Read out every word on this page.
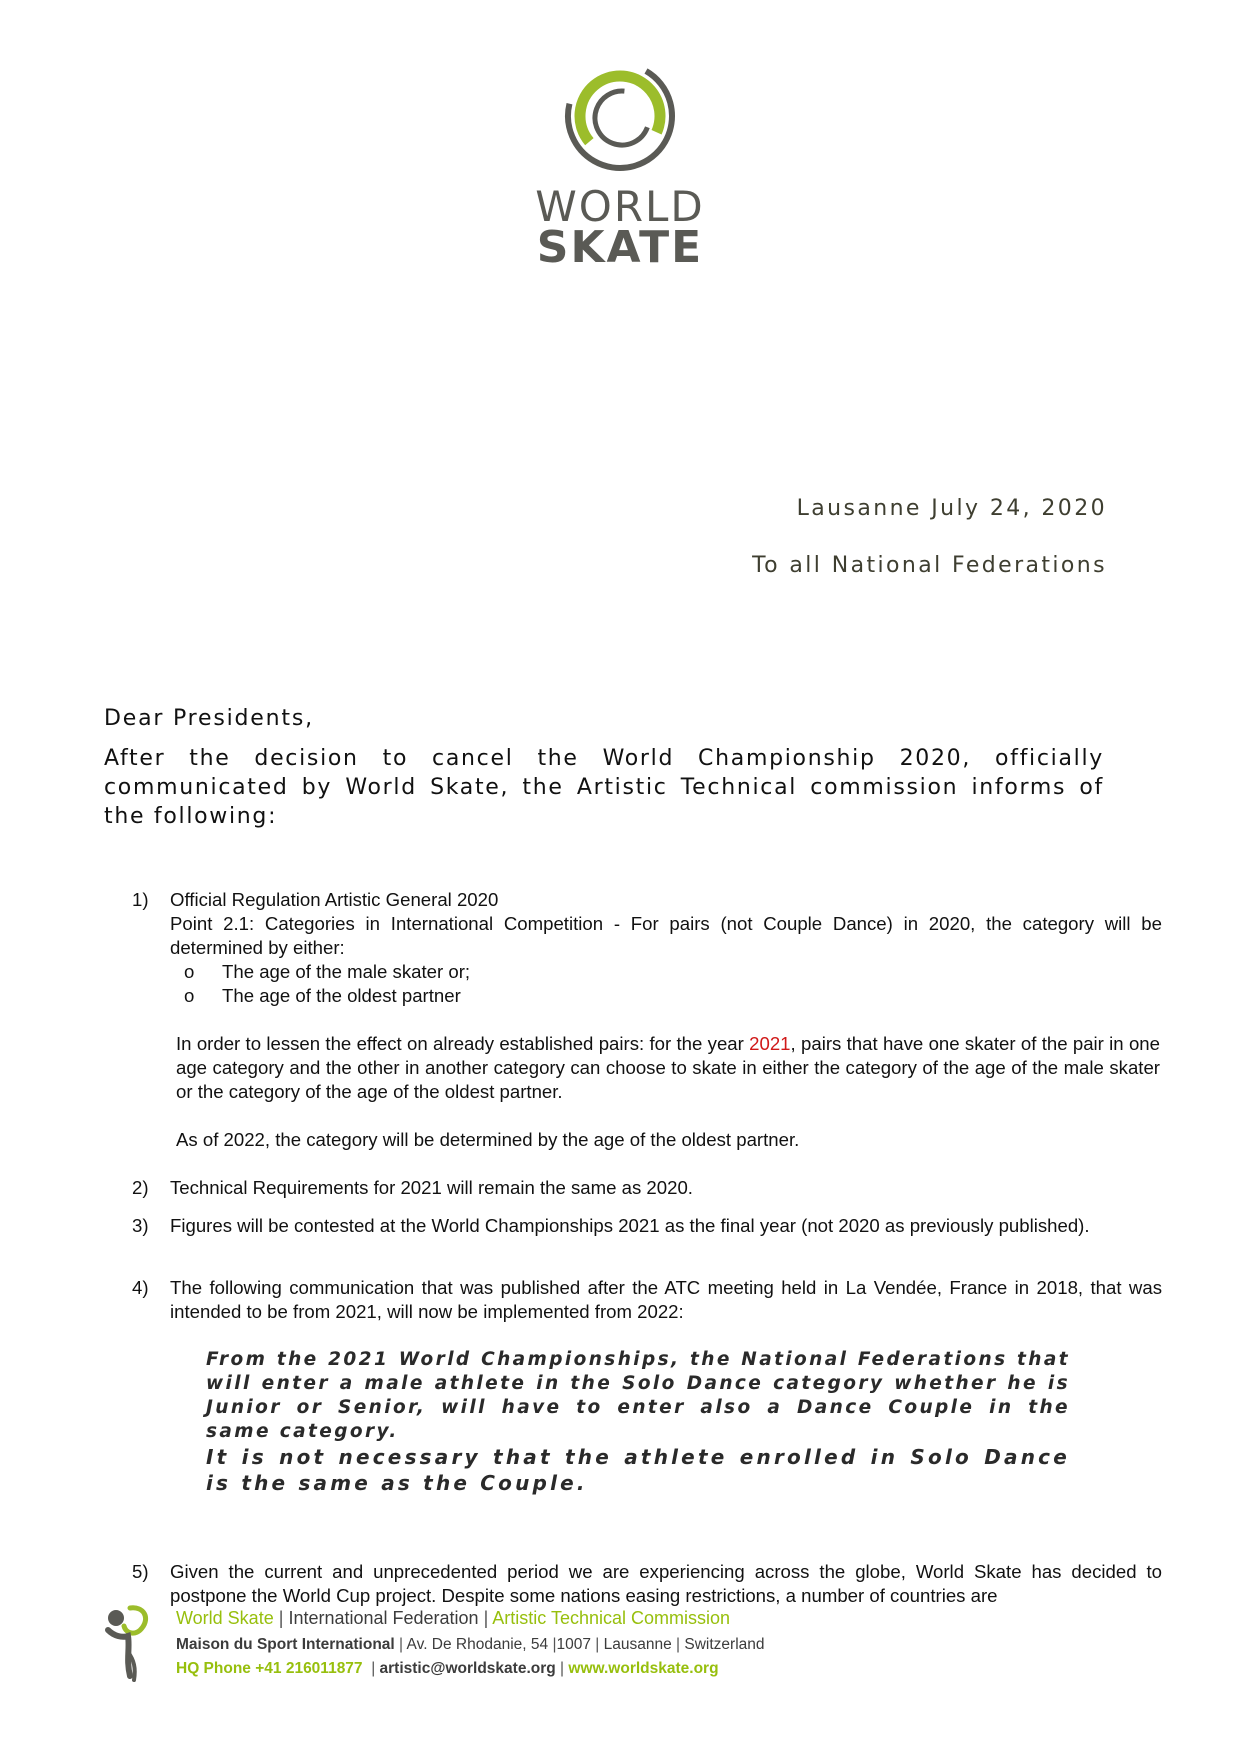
WORLD
SKATE
Lausanne July 24, 2020
To all National Federations
Dear Presidents,
After the decision to cancel the World Championship 2020, officially communicated by World Skate, the Artistic Technical commission informs of the following:
1) Official Regulation Artistic General 2020
Point 2.1: Categories in International Competition - For pairs (not Couple Dance) in 2020, the category will be determined by either:
o The age of the male skater or;
o The age of the oldest partner
In order to lessen the effect on already established pairs: for the year 2021, pairs that have one skater of the pair in one age category and the other in another category can choose to skate in either the category of the age of the male skater or the category of the age of the oldest partner.
As of 2022, the category will be determined by the age of the oldest partner.
2) Technical Requirements for 2021 will remain the same as 2020.
3) Figures will be contested at the World Championships 2021 as the final year (not 2020 as previously published).
4) The following communication that was published after the ATC meeting held in La Vendée, France in 2018, that was intended to be from 2021, will now be implemented from 2022:
From the 2021 World Championships, the National Federations that will enter a male athlete in the Solo Dance category whether he is Junior or Senior, will have to enter also a Dance Couple in the same category.
It is not necessary that the athlete enrolled in Solo Dance is the same as the Couple.
5) Given the current and unprecedented period we are experiencing across the globe, World Skate has decided to postpone the World Cup project. Despite some nations easing restrictions, a number of countries are
World Skate | International Federation | Artistic Technical Commission
Maison du Sport International | Av. De Rhodanie, 54 |1007 | Lausanne | Switzerland
HQ Phone +41 216011877 | artistic@worldskate.org | www.worldskate.org
